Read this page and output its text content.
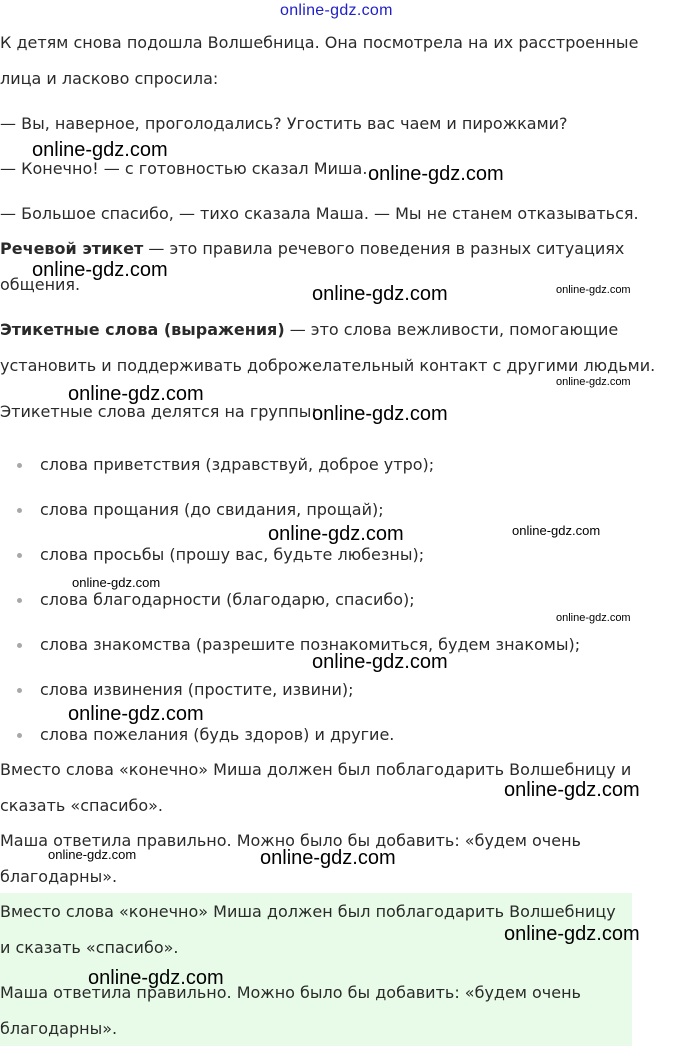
online-gdz.com
К детям снова подошла Волшебница. Она посмотрела на их расстроенные
лица и ласково спросила:
— Вы, наверное, проголодались? Угостить вас чаем и пирожками?
— Конечно! — с готовностью сказал Миша.
— Большое спасибо, — тихо сказала Маша. — Мы не станем отказываться.
Речевой этикет — это правила речевого поведения в разных ситуациях
общения.
Этикетные слова (выражения) — это слова вежливости, помогающие
установить и поддерживать доброжелательный контакт с другими людьми.
Этикетные слова делятся на группы:
слова приветствия (здравствуй, доброе утро);
слова прощания (до свидания, прощай);
слова просьбы (прошу вас, будьте любезны);
слова благодарности (благодарю, спасибо);
слова знакомства (разрешите познакомиться, будем знакомы);
слова извинения (простите, извини);
слова пожелания (будь здоров) и другие.
Вместо слова «конечно» Миша должен был поблагодарить Волшебницу и
сказать «спасибо».
Маша ответила правильно. Можно было бы добавить: «будем очень
благодарны».
Вместо слова «конечно» Миша должен был поблагодарить Волшебницу
и сказать «спасибо».
Маша ответила правильно. Можно было бы добавить: «будем очень
благодарны».
online-gdz.com
online-gdz.com
online-gdz.com
online-gdz.com	online-gdz.com
online-gdz.com
online-gdz.com
online-gdz.com
online-gdz.com	online-gdz.com
online-gdz.com
online-gdz.com
online-gdz.com
online-gdz.com
online-gdz.com
online-gdz.com	online-gdz.com
online-gdz.com
online-gdz.com
